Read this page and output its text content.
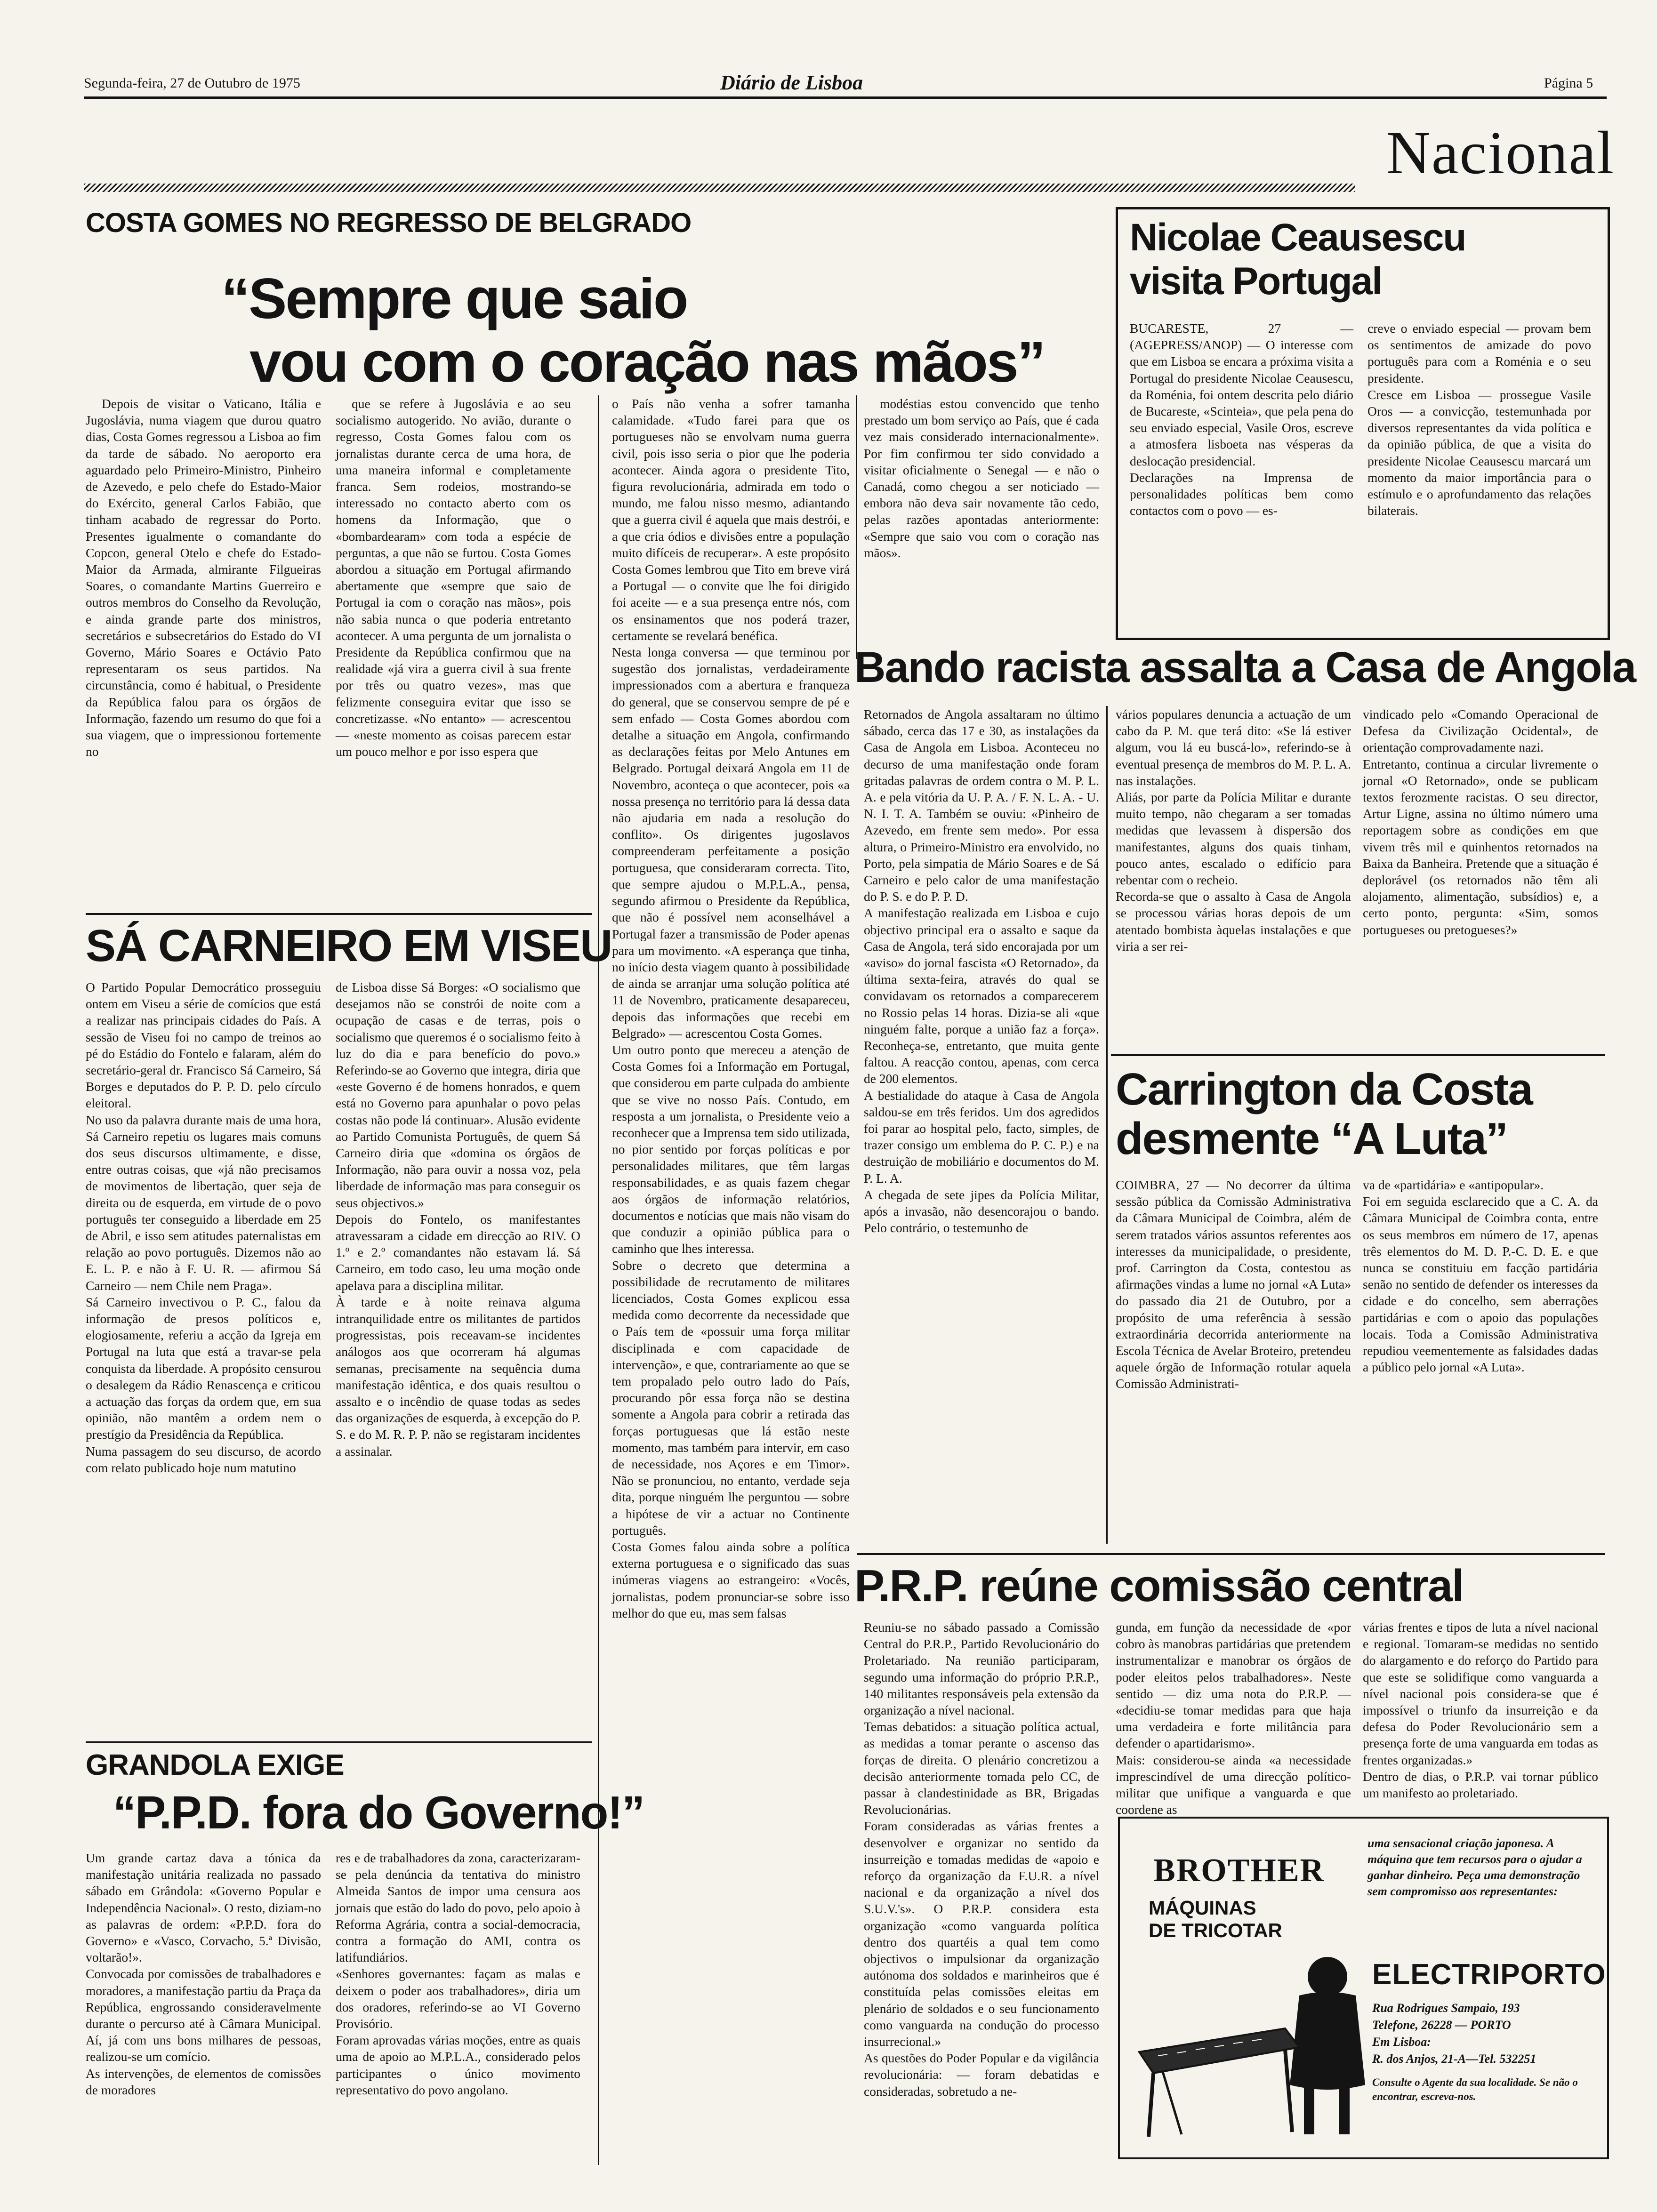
Segunda-feira, 27 de Outubro de 1975	Diário de Lisboa	Página 5
Nacional
COSTA GOMES NO REGRESSO DE BELGRADO
“Sempre que saio
vou com o coração nas mãos”
Depois de visitar o Vaticano, Itália e Jugoslávia, numa viagem que durou quatro dias, Costa Gomes regressou a Lisboa ao fim da tarde de sábado. No aeroporto era aguardado pelo Primeiro-Ministro, Pinheiro de Azevedo, e pelo chefe do Estado-Maior do Exército, general Carlos Fabião, que tinham acabado de regressar do Porto. Presentes igualmente o comandante do Copcon, general Otelo e chefe do Estado-Maior da Armada, almirante Filgueiras Soares, o comandante Martins Guerreiro e outros membros do Conselho da Revolução, e ainda grande parte dos ministros, secretários e subsecretários do Estado do VI Governo, Mário Soares e Octávio Pato representaram os seus partidos. Na circunstância, como é habitual, o Presidente da República falou para os órgãos de Informação, fazendo um resumo do que foi a sua viagem, que o impressionou fortemente no
que se refere à Jugoslávia e ao seu socialismo autogerido. No avião, durante o regresso, Costa Gomes falou com os jornalistas durante cerca de uma hora, de uma maneira informal e completamente franca. Sem rodeios, mostrando-se interessado no contacto aberto com os homens da Informação, que o «bombardearam» com toda a espécie de perguntas, a que não se furtou. Costa Gomes abordou a situação em Portugal afirmando abertamente que «sempre que saio de Portugal ia com o coração nas mãos», pois não sabia nunca o que poderia entretanto acontecer. A uma pergunta de um jornalista o Presidente da República confirmou que na realidade «já vira a guerra civil à sua frente por três ou quatro vezes», mas que felizmente conseguira evitar que isso se concretizasse. «No entanto» — acrescentou — «neste momento as coisas parecem estar um pouco melhor e por isso espera que
o País não venha a sofrer tamanha calamidade. «Tudo farei para que os portugueses não se envolvam numa guerra civil, pois isso seria o pior que lhe poderia acontecer. Ainda agora o presidente Tito, figura revolucionária, admirada em todo o mundo, me falou nisso mesmo, adiantando que a guerra civil é aquela que mais destrói, e a que cria ódios e divisões entre a população muito difíceis de recuperar». A este propósito Costa Gomes lembrou que Tito em breve virá a Portugal — o convite que lhe foi dirigido foi aceite — e a sua presença entre nós, com os ensinamentos que nos poderá trazer, certamente se revelará benéfica.
Nesta longa conversa — que terminou por sugestão dos jornalistas, verdadeiramente impressionados com a abertura e franqueza do general, que se conservou sempre de pé e sem enfado — Costa Gomes abordou com detalhe a situação em Angola, confirmando as declarações feitas por Melo Antunes em Belgrado. Portugal deixará Angola em 11 de Novembro, aconteça o que acontecer, pois «a nossa presença no território para lá dessa data não ajudaria em nada a resolução do conflito». Os dirigentes jugoslavos compreenderam perfeitamente a posição portuguesa, que consideraram correcta. Tito, que sempre ajudou o M.P.L.A., pensa, segundo afirmou o Presidente da República, que não é possível nem aconselhável a Portugal fazer a transmissão de Poder apenas para um movimento. «A esperança que tinha, no início desta viagem quanto à possibilidade de ainda se arranjar uma solução política até 11 de Novembro, praticamente desapareceu, depois das informações que recebi em Belgrado» — acrescentou Costa Gomes.
Um outro ponto que mereceu a atenção de Costa Gomes foi a Informação em Portugal, que considerou em parte culpada do ambiente que se vive no nosso País. Contudo, em resposta a um jornalista, o Presidente veio a reconhecer que a Imprensa tem sido utilizada, no pior sentido por forças políticas e por personalidades militares, que têm largas responsabilidades, e as quais fazem chegar aos órgãos de informação relatórios, documentos e notícias que mais não visam do que conduzir a opinião pública para o caminho que lhes interessa.
Sobre o decreto que determina a possibilidade de recrutamento de militares licenciados, Costa Gomes explicou essa medida como decorrente da necessidade que o País tem de «possuir uma força militar disciplinada e com capacidade de intervenção», e que, contrariamente ao que se tem propalado pelo outro lado do País, procurando pôr essa força não se destina somente a Angola para cobrir a retirada das forças portuguesas que lá estão neste momento, mas também para intervir, em caso de necessidade, nos Açores e em Timor». Não se pronunciou, no entanto, verdade seja dita, porque ninguém lhe perguntou — sobre a hipótese de vir a actuar no Continente português.
Costa Gomes falou ainda sobre a política externa portuguesa e o significado das suas inúmeras viagens ao estrangeiro: «Vocês, jornalistas, podem pronunciar-se sobre isso melhor do que eu, mas sem falsas
modéstias estou convencido que tenho prestado um bom serviço ao País, que é cada vez mais considerado internacionalmente». Por fim confirmou ter sido convidado a visitar oficialmente o Senegal — e não o Canadá, como chegou a ser noticiado — embora não deva sair novamente tão cedo, pelas razões apontadas anteriormente: «Sempre que saio vou com o coração nas mãos».
Nicolae Ceausescu
visita Portugal
BUCARESTE, 27 — (AGEPRESS/ANOP) — O interesse com que em Lisboa se encara a próxima visita a Portugal do presidente Nicolae Ceausescu, da Roménia, foi ontem descrita pelo diário de Bucareste, «Scinteia», que pela pena do seu enviado especial, Vasile Oros, escreve a atmosfera lisboeta nas vésperas da deslocação presidencial.
Declarações na Imprensa de personalidades políticas bem como contactos com o povo — es-
creve o enviado especial — provam bem os sentimentos de amizade do povo português para com a Roménia e o seu presidente.
Cresce em Lisboa — prossegue Vasile Oros — a convicção, testemunhada por diversos representantes da vida política e da opinião pública, de que a visita do presidente Nicolae Ceausescu marcará um momento da maior importância para o estímulo e o aprofundamento das relações bilaterais.
Bando racista assalta a Casa de Angola
Retornados de Angola assaltaram no último sábado, cerca das 17 e 30, as instalações da Casa de Angola em Lisboa. Aconteceu no decurso de uma manifestação onde foram gritadas palavras de ordem contra o M. P. L. A. e pela vitória da U. P. A. / F. N. L. A. - U. N. I. T. A. Também se ouviu: «Pinheiro de Azevedo, em frente sem medo». Por essa altura, o Primeiro-Ministro era envolvido, no Porto, pela simpatia de Mário Soares e de Sá Carneiro e pelo calor de uma manifestação do P. S. e do P. P. D.
A manifestação realizada em Lisboa e cujo objectivo principal era o assalto e saque da Casa de Angola, terá sido encorajada por um «aviso» do jornal fascista «O Retornado», da última sexta-feira, através do qual se convidavam os retornados a comparecerem no Rossio pelas 14 horas. Dizia-se ali «que ninguém falte, porque a união faz a força». Reconheça-se, entretanto, que muita gente faltou. A reacção contou, apenas, com cerca de 200 elementos.
A bestialidade do ataque à Casa de Angola saldou-se em três feridos. Um dos agredidos foi parar ao hospital pelo, facto, simples, de trazer consigo um emblema do P. C. P.) e na destruição de mobiliário e documentos do M. P. L. A.
A chegada de sete jipes da Polícia Militar, após a invasão, não desencorajou o bando. Pelo contrário, o testemunho de
vários populares denuncia a actuação de um cabo da P. M. que terá dito: «Se lá estiver algum, vou lá eu buscá-lo», referindo-se à eventual presença de membros do M. P. L. A. nas instalações.
Aliás, por parte da Polícia Militar e durante muito tempo, não chegaram a ser tomadas medidas que levassem à dispersão dos manifestantes, alguns dos quais tinham, pouco antes, escalado o edifício para rebentar com o recheio.
Recorda-se que o assalto à Casa de Angola se processou várias horas depois de um atentado bombista àquelas instalações e que viria a ser rei-
vindicado pelo «Comando Operacional de Defesa da Civilização Ocidental», de orientação comprovadamente nazi.
Entretanto, continua a circular livremente o jornal «O Retornado», onde se publicam textos ferozmente racistas. O seu director, Artur Ligne, assina no último número uma reportagem sobre as condições em que vivem três mil e quinhentos retornados na Baixa da Banheira. Pretende que a situação é deplorável (os retornados não têm ali alojamento, alimentação, subsídios) e, a certo ponto, pergunta: «Sim, somos portugueses ou pretogueses?»
Carrington da Costa
desmente “A Luta”
COIMBRA, 27 — No decorrer da última sessão pública da Comissão Administrativa da Câmara Municipal de Coimbra, além de serem tratados vários assuntos referentes aos interesses da municipalidade, o presidente, prof. Carrington da Costa, contestou as afirmações vindas a lume no jornal «A Luta» do passado dia 21 de Outubro, por a propósito de uma referência à sessão extraordinária decorrida anteriormente na Escola Técnica de Avelar Broteiro, pretendeu aquele órgão de Informação rotular aquela Comissão Administrati-
va de «partidária» e «antipopular».
Foi em seguida esclarecido que a C. A. da Câmara Municipal de Coimbra conta, entre os seus membros em número de 17, apenas três elementos do M. D. P.-C. D. E. e que nunca se constituiu em facção partidária senão no sentido de defender os interesses da cidade e do concelho, sem aberrações partidárias e com o apoio das populações locais. Toda a Comissão Administrativa repudiou veementemente as falsidades dadas a público pelo jornal «A Luta».
SÁ CARNEIRO EM VISEU
O Partido Popular Democrático prosseguiu ontem em Viseu a série de comícios que está a realizar nas principais cidades do País. A sessão de Viseu foi no campo de treinos ao pé do Estádio do Fontelo e falaram, além do secretário-geral dr. Francisco Sá Carneiro, Sá Borges e deputados do P. P. D. pelo círculo eleitoral.
No uso da palavra durante mais de uma hora, Sá Carneiro repetiu os lugares mais comuns dos seus discursos ultimamente, e disse, entre outras coisas, que «já não precisamos de movimentos de libertação, quer seja de direita ou de esquerda, em virtude de o povo português ter conseguido a liberdade em 25 de Abril, e isso sem atitudes paternalistas em relação ao povo português. Dizemos não ao E. L. P. e não à F. U. R. — afirmou Sá Carneiro — nem Chile nem Praga».
Sá Carneiro invectivou o P. C., falou da informação de presos políticos e, elogiosamente, referiu a acção da Igreja em Portugal na luta que está a travar-se pela conquista da liberdade. A propósito censurou o desalegem da Rádio Renascença e criticou a actuação das forças da ordem que, em sua opinião, não mantêm a ordem nem o prestígio da Presidência da República.
Numa passagem do seu discurso, de acordo com relato publicado hoje num matutino
de Lisboa disse Sá Borges: «O socialismo que desejamos não se constrói de noite com a ocupação de casas e de terras, pois o socialismo que queremos é o socialismo feito à luz do dia e para benefício do povo.» Referindo-se ao Governo que integra, diria que «este Governo é de homens honrados, e quem está no Governo para apunhalar o povo pelas costas não pode lá continuar». Alusão evidente ao Partido Comunista Português, de quem Sá Carneiro diria que «domina os órgãos de Informação, não para ouvir a nossa voz, pela liberdade de informação mas para conseguir os seus objectivos.»
Depois do Fontelo, os manifestantes atravessaram a cidade em direcção ao RIV. O 1.º e 2.º comandantes não estavam lá. Sá Carneiro, em todo caso, leu uma moção onde apelava para a disciplina militar.
À tarde e à noite reinava alguma intranquilidade entre os militantes de partidos progressistas, pois receavam-se incidentes análogos aos que ocorreram há algumas semanas, precisamente na sequência duma manifestação idêntica, e dos quais resultou o assalto e o incêndio de quase todas as sedes das organizações de esquerda, à excepção do P. S. e do M. R. P. P. não se registaram incidentes a assinalar.
GRANDOLA EXIGE
“P.P.D. fora do Governo!”
Um grande cartaz dava a tónica da manifestação unitária realizada no passado sábado em Grândola: «Governo Popular e Independência Nacional». O resto, diziam-no as palavras de ordem: «P.P.D. fora do Governo» e «Vasco, Corvacho, 5.ª Divisão, voltarão!».
Convocada por comissões de trabalhadores e moradores, a manifestação partiu da Praça da República, engrossando consideravelmente durante o percurso até à Câmara Municipal. Aí, já com uns bons milhares de pessoas, realizou-se um comício.
As intervenções, de elementos de comissões de moradores
res e de trabalhadores da zona, caracterizaram-se pela denúncia da tentativa do ministro Almeida Santos de impor uma censura aos jornais que estão do lado do povo, pelo apoio à Reforma Agrária, contra a social-democracia, contra a formação do AMI, contra os latifundiários.
«Senhores governantes: façam as malas e deixem o poder aos trabalhadores», diria um dos oradores, referindo-se ao VI Governo Provisório.
Foram aprovadas várias moções, entre as quais uma de apoio ao M.P.L.A., considerado pelos participantes o único movimento representativo do povo angolano.
P.R.P. reúne comissão central
Reuniu-se no sábado passado a Comissão Central do P.R.P., Partido Revolucionário do Proletariado. Na reunião participaram, segundo uma informação do próprio P.R.P., 140 militantes responsáveis pela extensão da organização a nível nacional.
Temas debatidos: a situação política actual, as medidas a tomar perante o ascenso das forças de direita. O plenário concretizou a decisão anteriormente tomada pelo CC, de passar à clandestinidade as BR, Brigadas Revolucionárias.
Foram consideradas as várias frentes a desenvolver e organizar no sentido da insurreição e tomadas medidas de «apoio e reforço da organização da F.U.R. a nível nacional e da organização a nível dos S.U.V.'s». O P.R.P. considera esta organização «como vanguarda política dentro dos quartéis a qual tem como objectivos o impulsionar da organização autónoma dos soldados e marinheiros que é constituída pelas comissões eleitas em plenário de soldados e o seu funcionamento como vanguarda na condução do processo insurrecional.»
As questões do Poder Popular e da vigilância revolucionária: — foram debatidas e consideradas, sobretudo a ne-
gunda, em função da necessidade de «por cobro às manobras partidárias que pretendem instrumentalizar e manobrar os órgãos de poder eleitos pelos trabalhadores». Neste sentido — diz uma nota do P.R.P. — «decidiu-se tomar medidas para que haja uma verdadeira e forte militância para defender o apartidarismo».
Mais: considerou-se ainda «a necessidade imprescindível de uma direcção político-militar que unifique a vanguarda e que coordene as
várias frentes e tipos de luta a nível nacional e regional. Tomaram-se medidas no sentido do alargamento e do reforço do Partido para que este se solidifique como vanguarda a nível nacional pois considera-se que é impossível o triunfo da insurreição e da defesa do Poder Revolucionário sem a presença forte de uma vanguarda em todas as frentes organizadas.»
Dentro de dias, o P.R.P. vai tornar público um manifesto ao proletariado.
BROTHER
MÁQUINAS
DE TRICOTAR
uma sensacional criação japonesa. A máquina que tem recursos para o ajudar a ganhar dinheiro. Peça uma demonstração sem compromisso aos representantes:
ELECTRIPORTO
Rua Rodrigues Sampaio, 193
Telefone, 26228 — PORTO
Em Lisboa:
R. dos Anjos, 21-A—Tel. 532251
Consulte o Agente da sua localidade. Se não o encontrar, escreva-nos.
